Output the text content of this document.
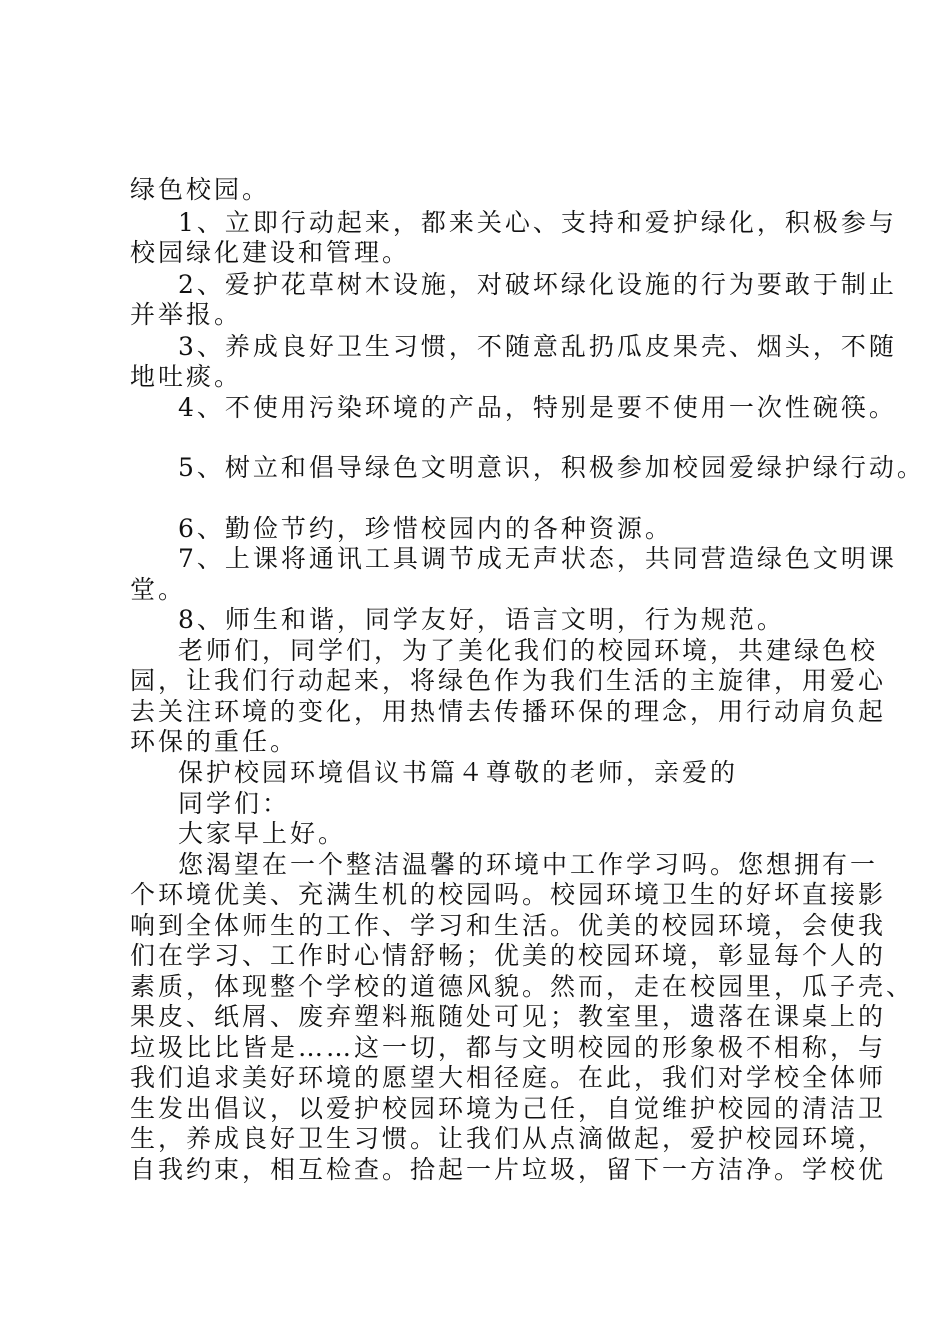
绿色校园。
1、立即行动起来，都来关心、支持和爱护绿化，积极参与
校园绿化建设和管理。
2、爱护花草树木设施，对破坏绿化设施的行为要敢于制止
并举报。
3、养成良好卫生习惯，不随意乱扔瓜皮果壳、烟头，不随
地吐痰。
4、不使用污染环境的产品，特别是要不使用一次性碗筷。
5、树立和倡导绿色文明意识，积极参加校园爱绿护绿行动。
6、勤俭节约，珍惜校园内的各种资源。
7、上课将通讯工具调节成无声状态，共同营造绿色文明课
堂。
8、师生和谐，同学友好，语言文明，行为规范。
老师们，同学们，为了美化我们的校园环境，共建绿色校
园，让我们行动起来，将绿色作为我们生活的主旋律，用爱心
去关注环境的变化，用热情去传播环保的理念，用行动肩负起
环保的重任。
保护校园环境倡议书篇４尊敬的老师，亲爱的
同学们：
大家早上好。
您渴望在一个整洁温馨的环境中工作学习吗。您想拥有一
个环境优美、充满生机的校园吗。校园环境卫生的好坏直接影
响到全体师生的工作、学习和生活。优美的校园环境，会使我
们在学习、工作时心情舒畅；优美的校园环境，彰显每个人的
素质，体现整个学校的道德风貌。然而，走在校园里，瓜子壳、
果皮、纸屑、废弃塑料瓶随处可见；教室里，遗落在课桌上的
垃圾比比皆是……这一切，都与文明校园的形象极不相称，与
我们追求美好环境的愿望大相径庭。在此，我们对学校全体师
生发出倡议，以爱护校园环境为己任，自觉维护校园的清洁卫
生，养成良好卫生习惯。让我们从点滴做起，爱护校园环境，
自我约束，相互检查。拾起一片垃圾，留下一方洁净。学校优
